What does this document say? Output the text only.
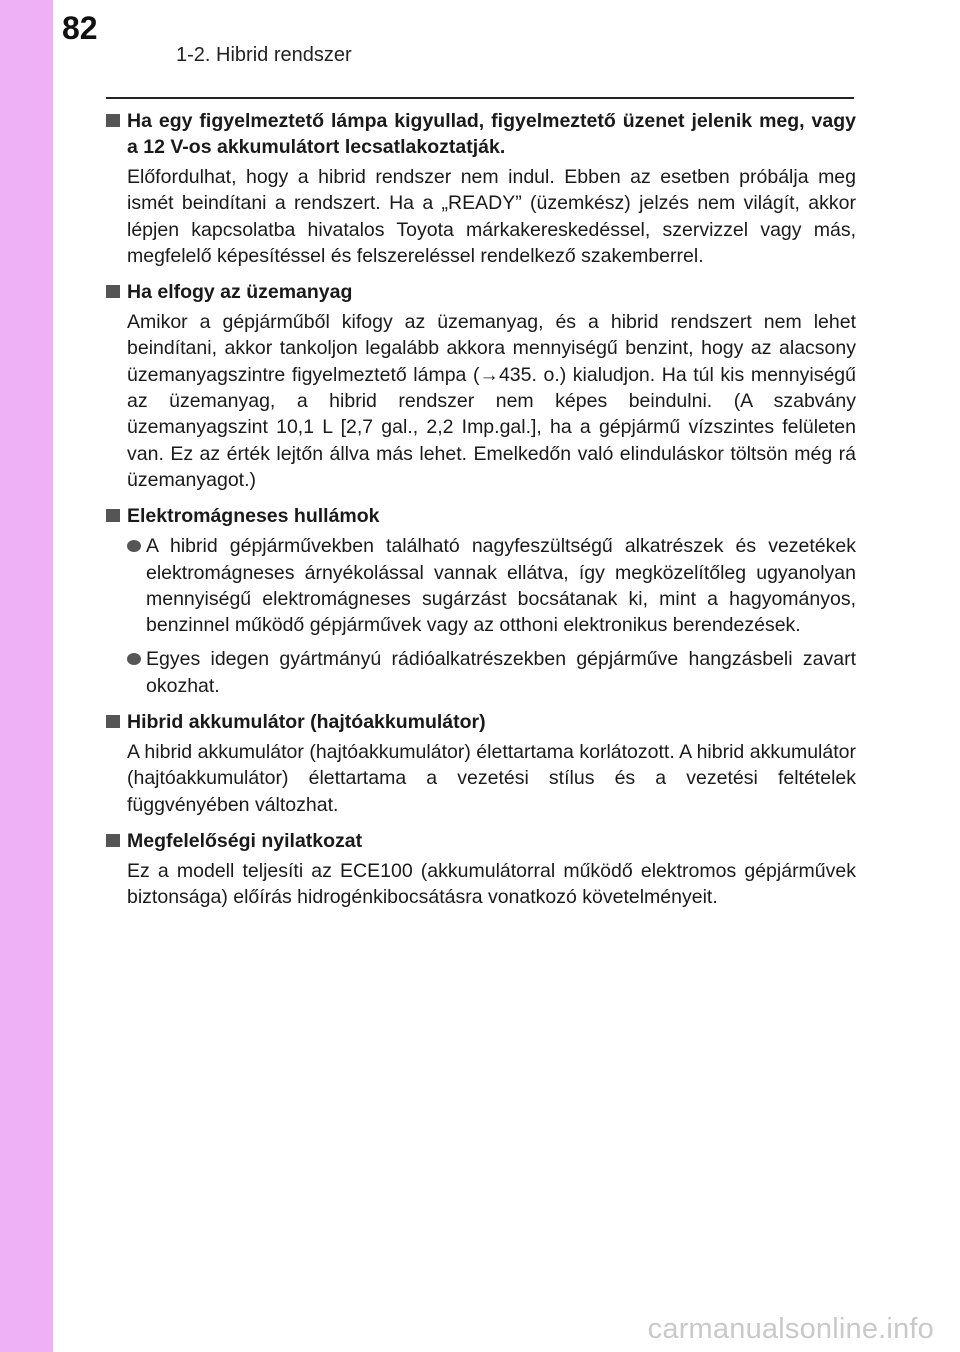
82
1-2. Hibrid rendszer
Ha egy figyelmeztető lámpa kigyullad, figyelmeztető üzenet jelenik meg, vagy a 12 V-os akkumulátort lecsatlakoztatják.
Előfordulhat, hogy a hibrid rendszer nem indul. Ebben az esetben próbálja meg ismét beindítani a rendszert. Ha a „READY” (üzemkész) jelzés nem világít, akkor lépjen kapcsolatba hivatalos Toyota márkakereskedéssel, szervizzel vagy más, megfelelő képesítéssel és felszereléssel rendelkező szakemberrel.
Ha elfogy az üzemanyag
Amikor a gépjárműből kifogy az üzemanyag, és a hibrid rendszert nem lehet beindítani, akkor tankoljon legalább akkora mennyiségű benzint, hogy az alacsony üzemanyagszintre figyelmeztető lámpa (→435. o.) kialudjon. Ha túl kis mennyiségű az üzemanyag, a hibrid rendszer nem képes beindulni. (A szabvány üzemanyagszint 10,1 L [2,7 gal., 2,2 Imp.gal.], ha a gépjármű vízszintes felületen van. Ez az érték lejtőn állva más lehet. Emelkedőn való elinduláskor töltsön még rá üzemanyagot.)
Elektromágneses hullámok
A hibrid gépjárművekben található nagyfeszültségű alkatrészek és vezetékek elektromágneses árnyékolással vannak ellátva, így megközelítőleg ugyanolyan mennyiségű elektromágneses sugárzást bocsátanak ki, mint a hagyományos, benzinnel működő gépjárművek vagy az otthoni elektronikus berendezések.
Egyes idegen gyártmányú rádióalkatrészekben gépjárműve hangzásbeli zavart okozhat.
Hibrid akkumulátor (hajtóakkumulátor)
A hibrid akkumulátor (hajtóakkumulátor) élettartama korlátozott. A hibrid akkumulátor (hajtóakkumulátor) élettartama a vezetési stílus és a vezetési feltételek függvényében változhat.
Megfelelőségi nyilatkozat
Ez a modell teljesíti az ECE100 (akkumulátorral működő elektromos gépjárművek biztonsága) előírás hidrogénkibocsátásra vonatkozó követelményeit.
carmanualsonline.info
